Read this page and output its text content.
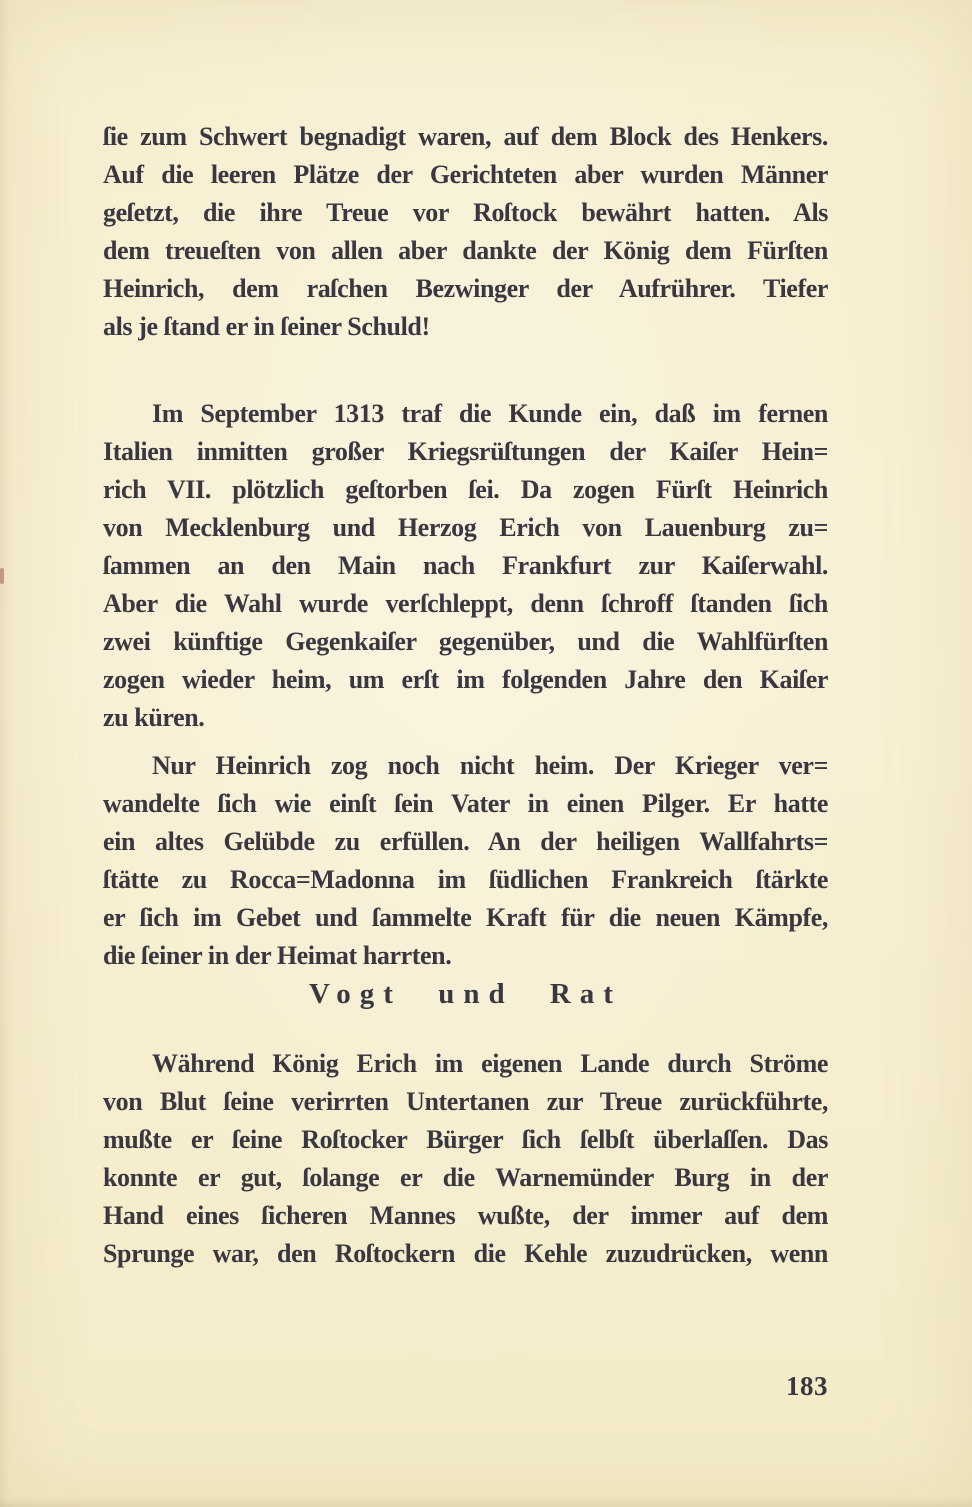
ſie zum Schwert begnadigt waren, auf dem Block des Henkers.
Auf die leeren Plätze der Gerichteten aber wurden Männer
geſetzt, die ihre Treue vor Roſtock bewährt hatten. Als
dem treueſten von allen aber dankte der König dem Fürſten
Heinrich, dem raſchen Bezwinger der Aufrührer. Tiefer
als je ſtand er in ſeiner Schuld!
Im September 1313 traf die Kunde ein, daß im fernen
Italien inmitten großer Kriegsrüſtungen der Kaiſer Hein=
rich VII. plötzlich geſtorben ſei. Da zogen Fürſt Heinrich
von Mecklenburg und Herzog Erich von Lauenburg zu=
ſammen an den Main nach Frankfurt zur Kaiſerwahl.
Aber die Wahl wurde verſchleppt, denn ſchroff ſtanden ſich
zwei künftige Gegenkaiſer gegenüber, und die Wahlfürſten
zogen wieder heim, um erſt im folgenden Jahre den Kaiſer
zu küren.
Nur Heinrich zog noch nicht heim. Der Krieger ver=
wandelte ſich wie einſt ſein Vater in einen Pilger. Er hatte
ein altes Gelübde zu erfüllen. An der heiligen Wallfahrts=
ſtätte zu Rocca=Madonna im ſüdlichen Frankreich ſtärkte
er ſich im Gebet und ſammelte Kraft für die neuen Kämpfe,
die ſeiner in der Heimat harrten.
Vogt und Rat
Während König Erich im eigenen Lande durch Ströme
von Blut ſeine verirrten Untertanen zur Treue zurückführte,
mußte er ſeine Roſtocker Bürger ſich ſelbſt überlaſſen. Das
konnte er gut, ſolange er die Warnemünder Burg in der
Hand eines ſicheren Mannes wußte, der immer auf dem
Sprunge war, den Roſtockern die Kehle zuzudrücken, wenn
183
